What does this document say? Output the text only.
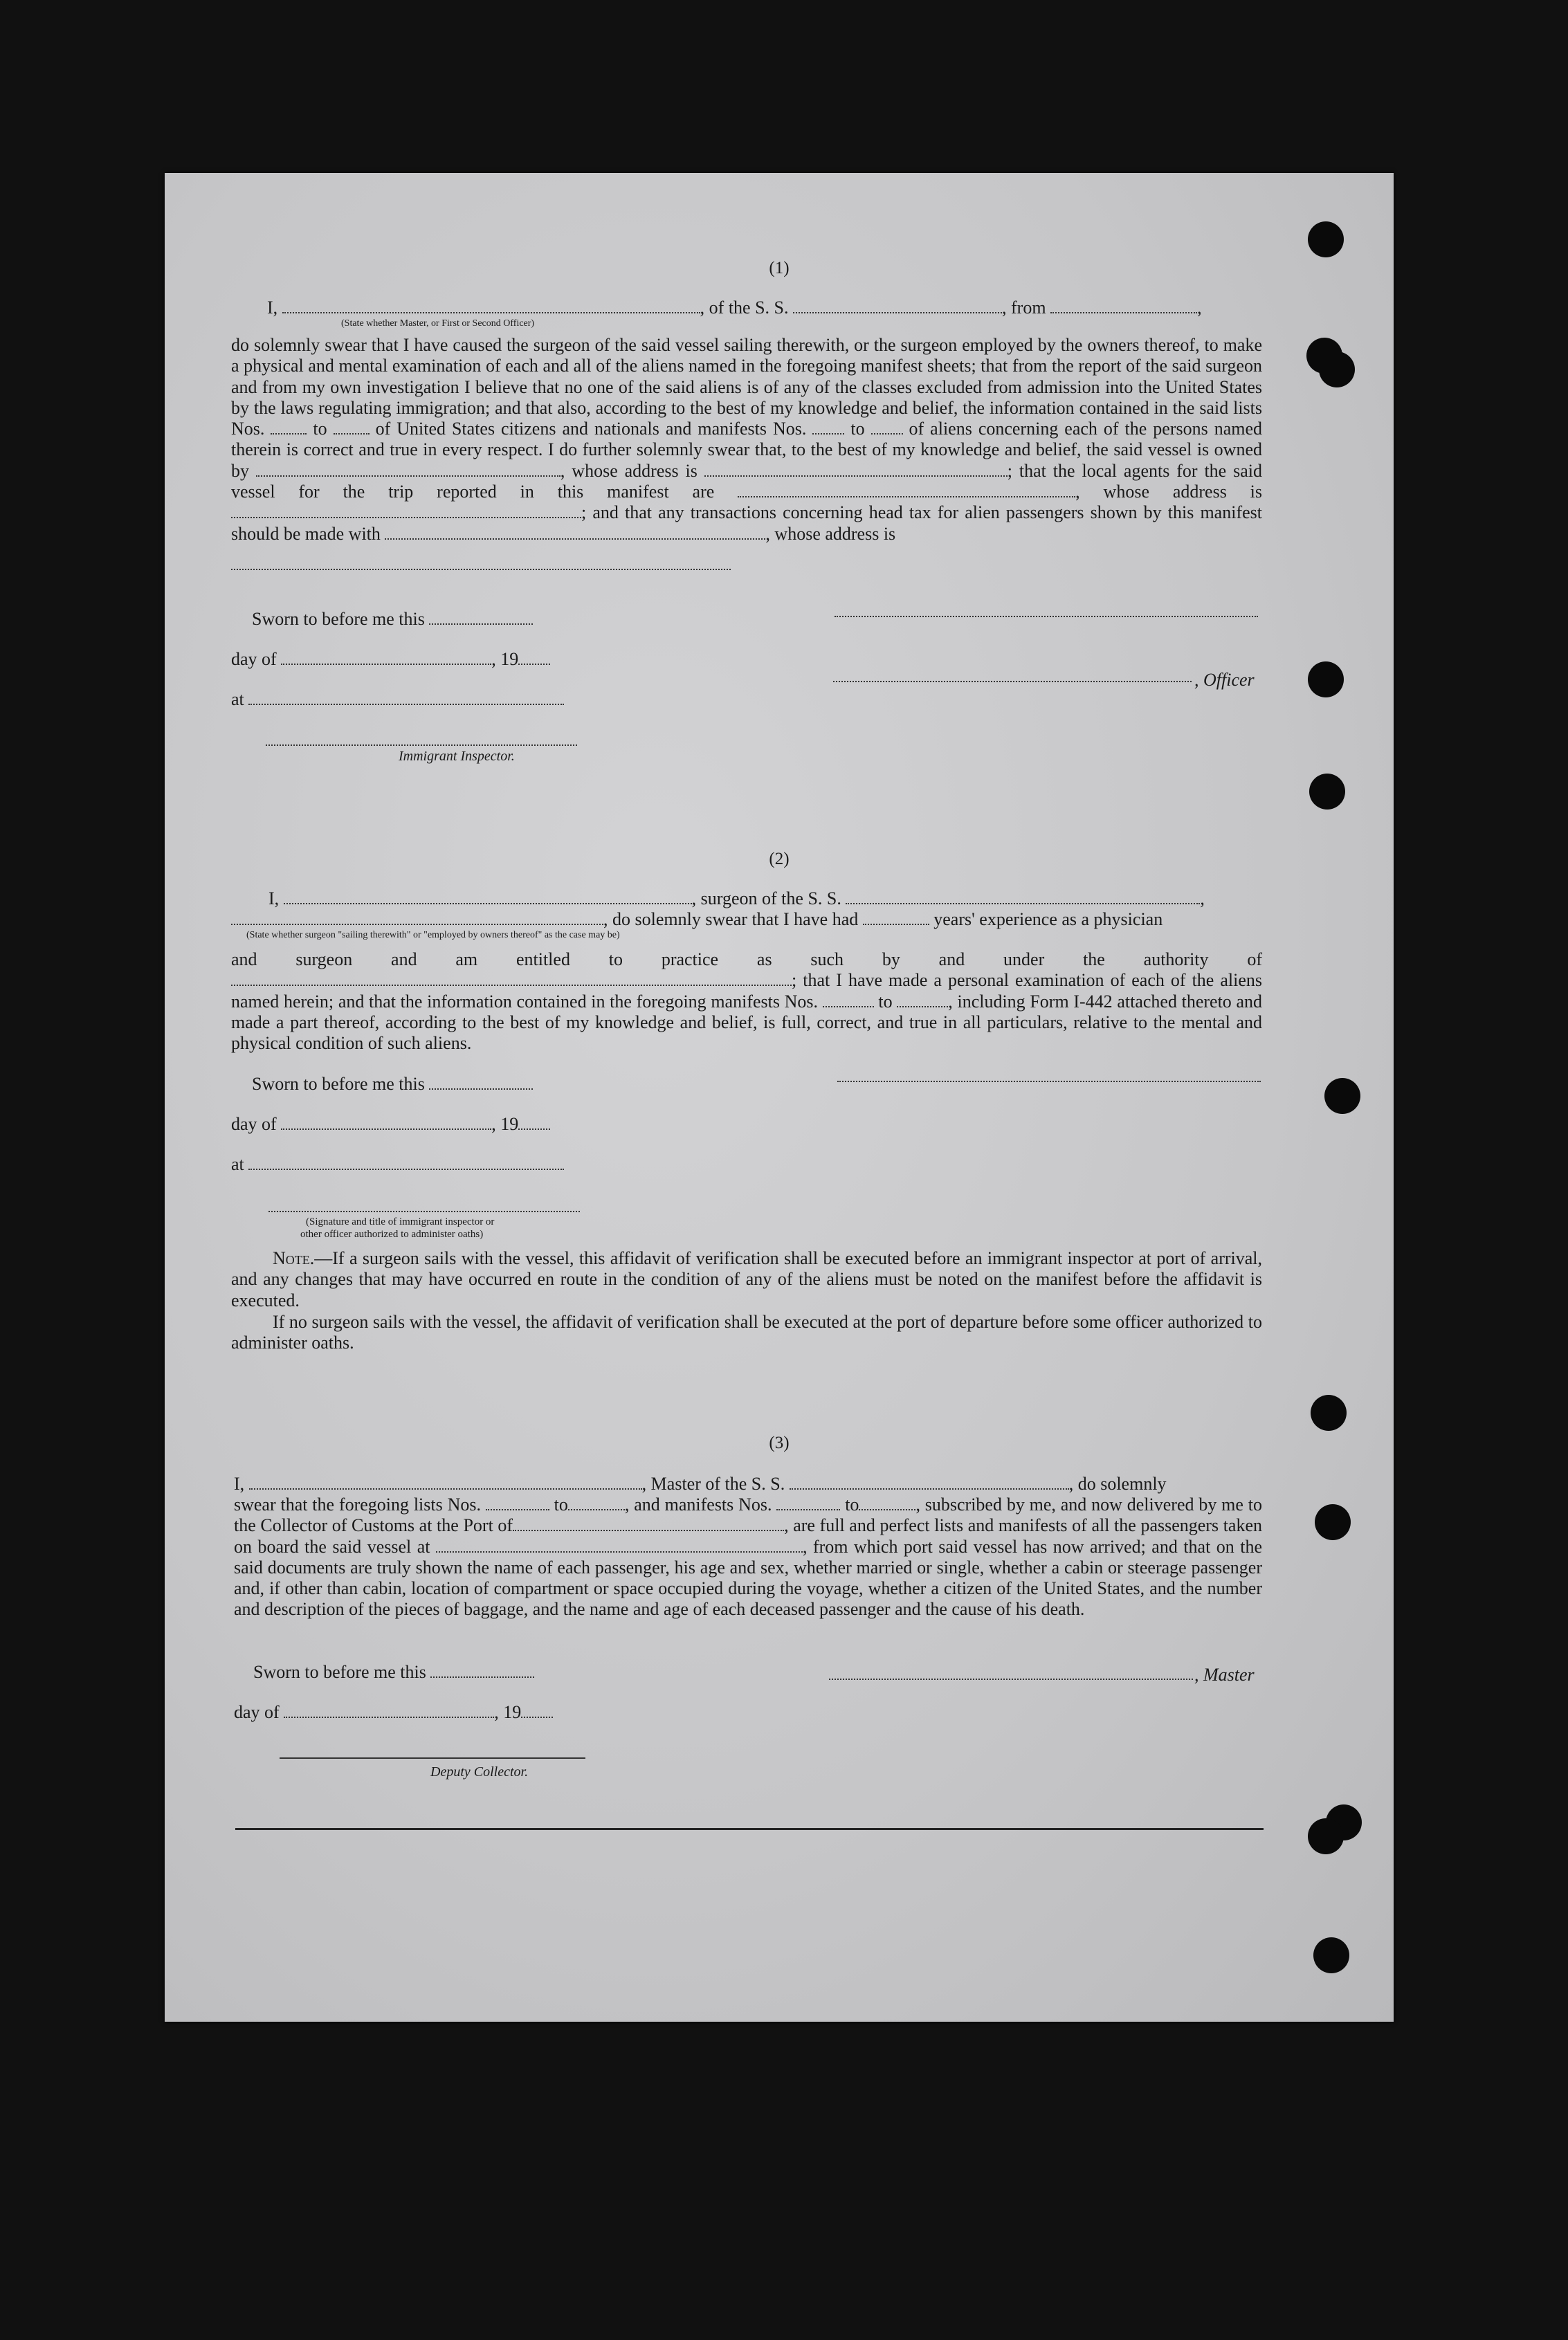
(1)
I,	, of the S. S.	, from	,
(State whether Master, or First or Second Officer)
do solemnly swear that I have caused the surgeon of the said vessel sailing therewith, or the surgeon employed by the owners thereof, to make a physical and mental examination of each and all of the aliens named in the foregoing manifest sheets; that from the report of the said surgeon and from my own investigation I believe that no one of the said aliens is of any of the classes excluded from admission into the United States by the laws regulating immigration; and that also, according to the best of my knowledge and belief, the information contained in the said lists Nos.	to	of United States citizens and nationals and manifests Nos. to of aliens concerning each of the persons named therein is correct and true in every respect. I do further solemnly swear that, to the best of my knowledge and belief, the said vessel is owned by	, whose address is	; that the local agents for the said vessel for the trip reported in this manifest are	, whose address is ; and that any transactions concerning head tax for alien passengers shown by this manifest should be made with	, whose address is
Sworn to before me this
day of	, 19
, Officer
at
Immigrant Inspector.
(2)
I,	, surgeon of the S. S.	,
, do solemnly swear that I have had	years' experience as a physician
(State whether surgeon "sailing therewith" or "employed by owners thereof" as the case may be)
and surgeon and am entitled to practice as such by and under the authority of ; that I have made a personal examination of each of the aliens named herein; and that the information contained in the foregoing manifests Nos.	to	, including Form I-442 attached thereto and made a part thereof, according to the best of my knowledge and belief, is full, correct, and true in all particulars, relative to the mental and physical condition of such aliens.
Sworn to before me this
day of	, 19
at
(Signature and title of immigrant inspector or
other officer authorized to administer oaths)
Note.—If a surgeon sails with the vessel, this affidavit of verification shall be executed before an immigrant inspector at port of arrival, and any changes that may have occurred en route in the condition of any of the aliens must be noted on the manifest before the affidavit is executed.
If no surgeon sails with the vessel, the affidavit of verification shall be executed at the port of departure before some officer authorized to administer oaths.
(3)
I,	, Master of the S. S.	, do solemnly
swear that the foregoing lists Nos.	to	, and manifests Nos.	to	, subscribed by me, and now delivered by me to the Collector of Customs at the Port of	, are full and perfect lists and manifests of all the passengers taken on board the said vessel at	, from which port said vessel has now arrived; and that on the said documents are truly shown the name of each passenger, his age and sex, whether married or single, whether a cabin or steerage passenger and, if other than cabin, location of compartment or space occupied during the voyage, whether a citizen of the United States, and the number and description of the pieces of baggage, and the name and age of each deceased passenger and the cause of his death.
Sworn to before me this	, Master
day of	, 19
Deputy Collector.
